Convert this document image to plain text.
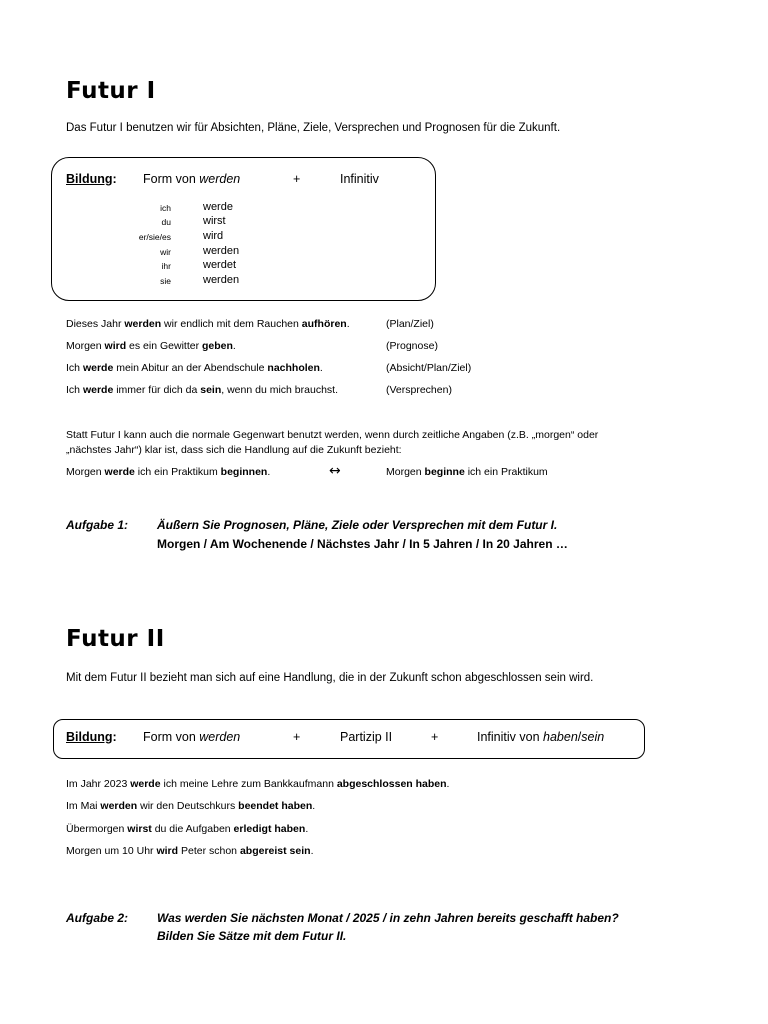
Futur I
Das Futur I benutzen wir für Absichten, Pläne, Ziele, Versprechen und Prognosen für die Zukunft.
Bildung: Form von werden	+	Infinitiv
ich	werde
du	wirst
er/sie/es	wird
wir	werden
ihr	werdet
sie	werden
Dieses Jahr werden wir endlich mit dem Rauchen aufhören.	(Plan/Ziel)
Morgen wird es ein Gewitter geben.	(Prognose)
Ich werde mein Abitur an der Abendschule nachholen.	(Absicht/Plan/Ziel)
Ich werde immer für dich da sein, wenn du mich brauchst.	(Versprechen)
Statt Futur I kann auch die normale Gegenwart benutzt werden, wenn durch zeitliche Angaben (z.B. „morgen“ oder
„nächstes Jahr“) klar ist, dass sich die Handlung auf die Zukunft bezieht:
Morgen werde ich ein Praktikum beginnen.	↔	Morgen beginne ich ein Praktikum
Aufgabe 1: Äußern Sie Prognosen, Pläne, Ziele oder Versprechen mit dem Futur I.
Morgen / Am Wochenende / Nächstes Jahr / In 5 Jahren / In 20 Jahren …
Futur II
Mit dem Futur II bezieht man sich auf eine Handlung, die in der Zukunft schon abgeschlossen sein wird.
Bildung: Form von werden	+	Partizip II	+	Infinitiv von haben/sein
Im Jahr 2023 werde ich meine Lehre zum Bankkaufmann abgeschlossen haben.
Im Mai werden wir den Deutschkurs beendet haben.
Übermorgen wirst du die Aufgaben erledigt haben.
Morgen um 10 Uhr wird Peter schon abgereist sein.
Aufgabe 2: Was werden Sie nächsten Monat / 2025 / in zehn Jahren bereits geschafft haben?
Bilden Sie Sätze mit dem Futur II.
